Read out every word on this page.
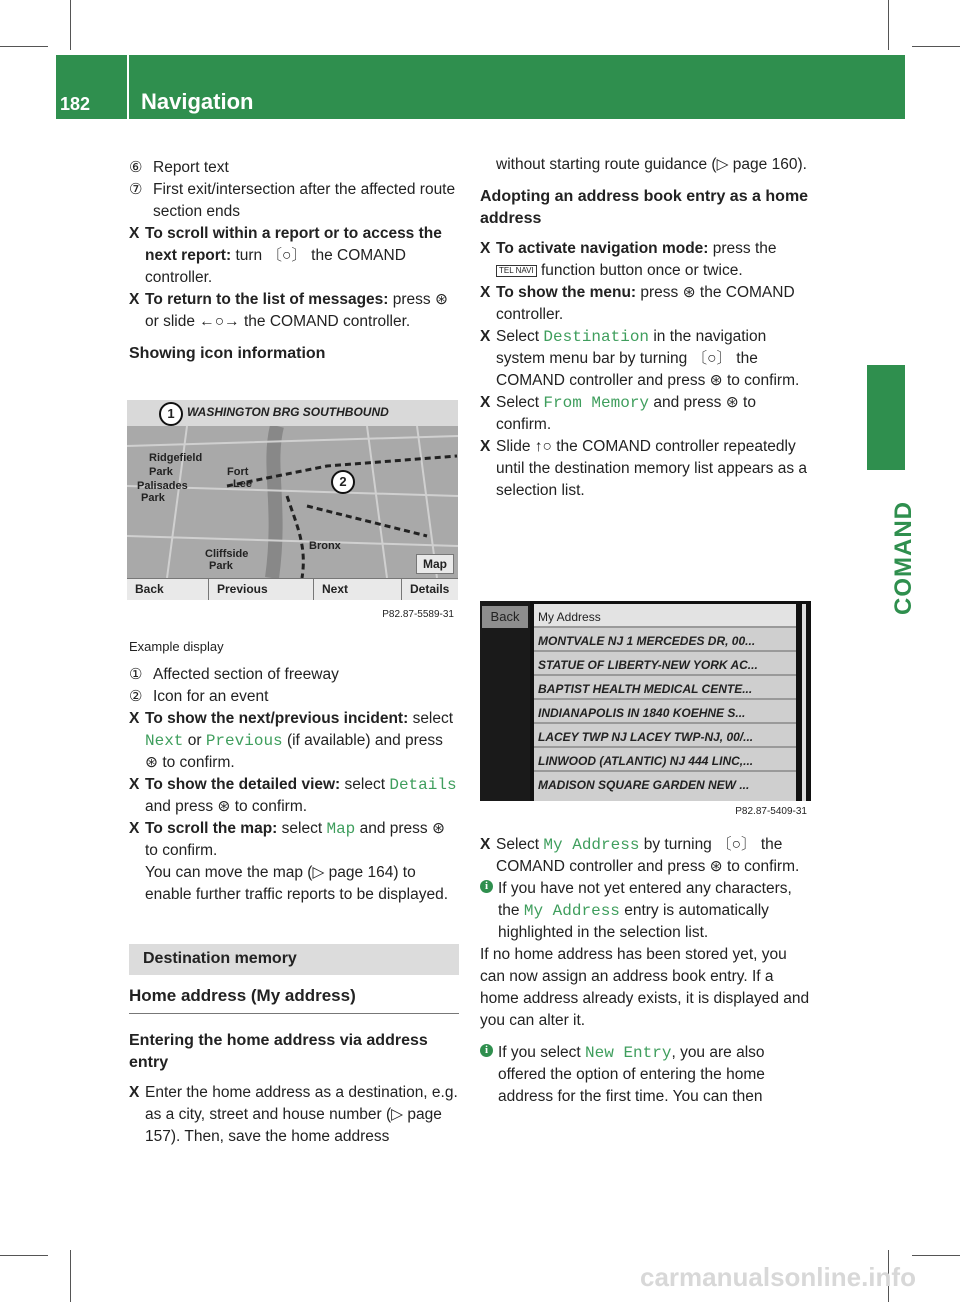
182 Navigation
COMAND

⑥ Report text

⑦ First exit/intersection after the affected route section ends

X To scroll within a report or to access the next report: turn 〔○〕 the COMAND controller.

X To return to the list of messages: press ⊛ or slide ←○→ the COMAND controller.

Showing icon information

Ridgefield
Park
Palisades
Park
Fort
Lee
Cliffside
Park
Bronx
Map
WASHINGTON BRG SOUTHBOUND
1
2
Back	Previous	Next	Details
P82.87-5589-31

Example display

① Affected section of freeway

② Icon for an event

X To show the next/previous incident: select Next or Previous (if available) and press ⊛ to confirm.

X To show the detailed view: select Details and press ⊛ to confirm.

X To scroll the map: select Map and press ⊛ to confirm.
You can move the map (▷ page 164) to enable further traffic reports to be displayed.

Destination memory
Home address (My address)

Entering the home address via address entry

X Enter the home address as a destination, e.g. as a city, street and house number (▷ page 157). Then, save the home address

without starting route guidance (▷ page 160).

Adopting an address book entry as a home address

X To activate navigation mode: press the TEL NAVI function button once or twice.

X To show the menu: press ⊛ the COMAND controller.

X Select Destination in the navigation system menu bar by turning 〔○〕 the COMAND controller and press ⊛ to confirm.

X Select From Memory and press ⊛ to confirm.

X Slide ↑○ the COMAND controller repeatedly until the destination memory list appears as a selection list.

Back	My Address
MONTVALE NJ 1 MERCEDES DR, 00...
STATUE OF LIBERTY-NEW YORK AC...
BAPTIST HEALTH MEDICAL CENTE...
INDIANAPOLIS IN 1840 KOEHNE S...
LACEY TWP NJ LACEY TWP-NJ, 00/...
LINWOOD (ATLANTIC) NJ 444 LINC,...
MADISON SQUARE GARDEN NEW ...
P82.87-5409-31

X Select My Address by turning 〔○〕 the COMAND controller and press ⊛ to confirm.

i If you have not yet entered any characters, the My Address entry is automatically highlighted in the selection list.

If no home address has been stored yet, you can now assign an address book entry. If a home address already exists, it is displayed and you can alter it.

i If you select New Entry, you are also offered the option of entering the home address for the first time. You can then

carmanualsonline.info
